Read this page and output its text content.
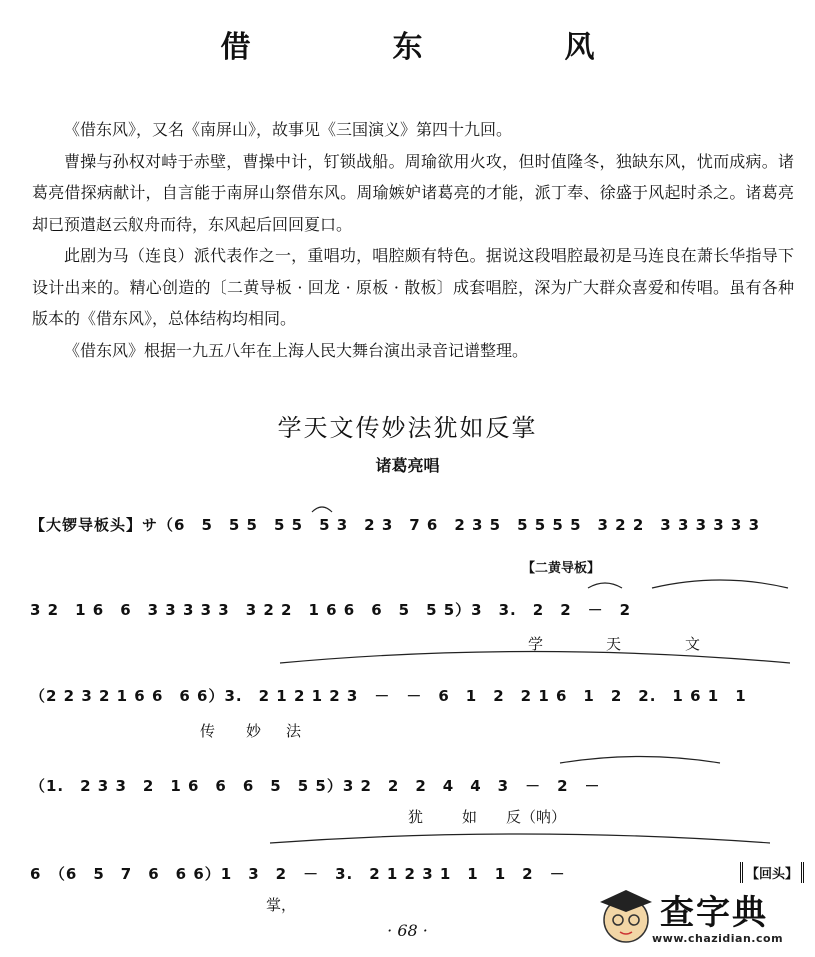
借　东　风

《借东风》，又名《南屏山》，故事见《三国演义》第四十九回。

曹操与孙权对峙于赤壁，曹操中计，钉锁战船。周瑜欲用火攻，但时值隆冬，独缺东风，忧而成病。诸葛亮借探病献计，自言能于南屏山祭借东风。周瑜嫉妒诸葛亮的才能，派丁奉、徐盛于风起时杀之。诸葛亮却已预遣赵云舣舟而待，东风起后回回夏口。

此剧为马（连良）派代表作之一，重唱功，唱腔颇有特色。据说这段唱腔最初是马连良在萧长华指导下设计出来的。精心创造的〔二黄导板 · 回龙 · 原板 · 散板〕成套唱腔，深为广大群众喜爱和传唱。虽有各种版本的《借东风》，总体结构均相同。

《借东风》根据一九五八年在上海人民大舞台演出录音记谱整理。

学天文传妙法犹如反掌
诸葛亮唱
【大锣导板头】サ（6　5　5 5　5 5　5 3　2 3　7 6　2 3 5　5 5 5 5　3 2 2　3 3 3 3 3 3
【二黄导板】
3 2　1 6　6　3 3 3 3 3　3 2 2　1 6 6　6　5　5 5）3　3.　2　2　－　2
学	天	文
（2 2 3 2 1 6 6　6 6）3.　2 1 2 1 2 3　－　－　6　1　2　2 1 6　1　2　2.　1 6 1　1
传 妙 法
（1.　2 3 3　2　1 6　6　6　5　5 5）3 2　2　2　4　4　3　－　2　－
犹	如 反（呐）
6　（6　5　7　6　6 6）1　3　2　－　3.　2 1 2 3 1　1　1　2　－	【回头】
掌，
· 68 ·	查字典
www.chazidian.com
